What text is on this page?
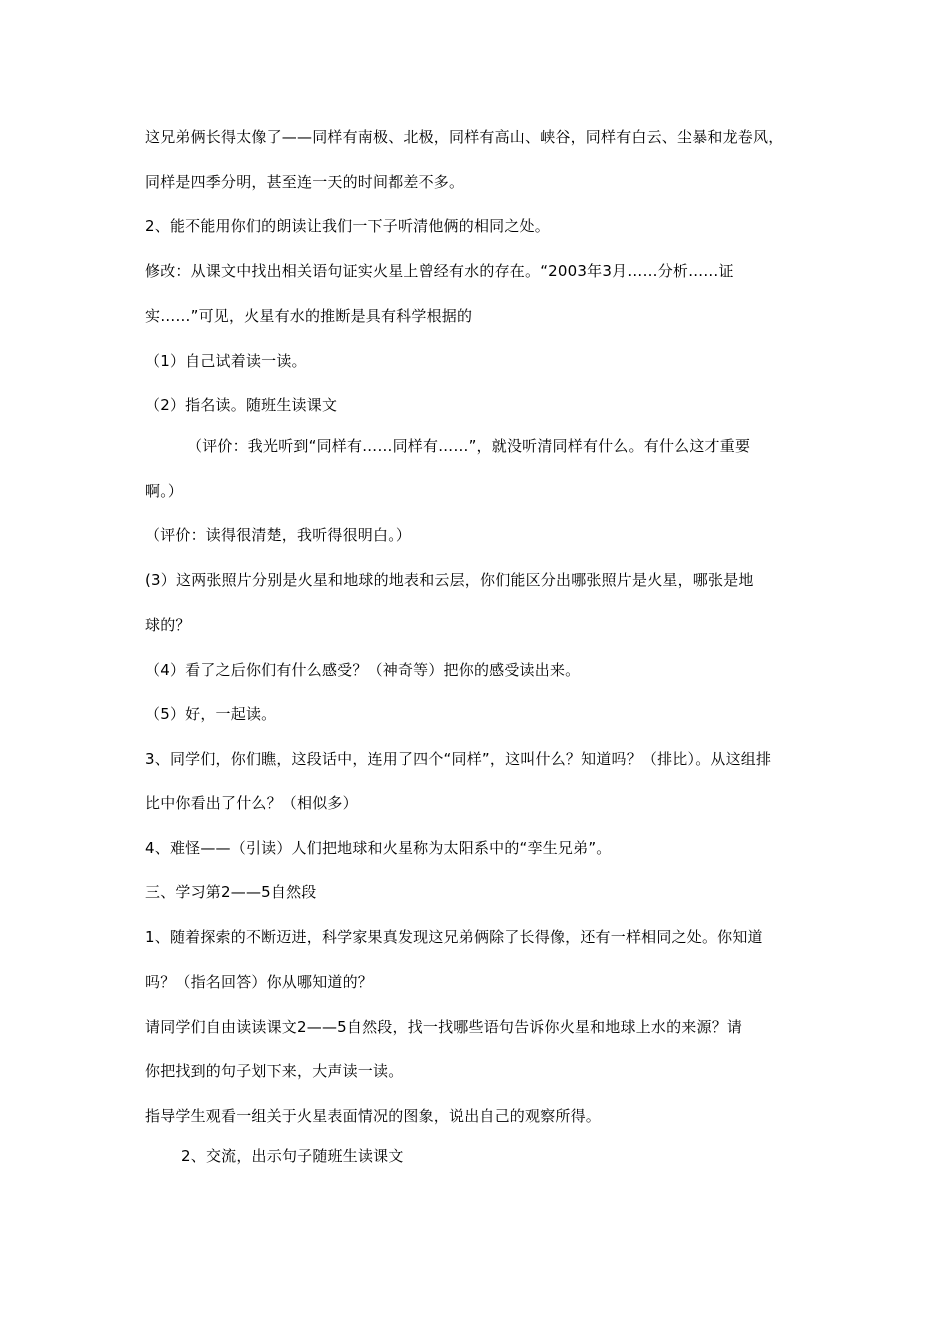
这兄弟俩长得太像了——同样有南极、北极，同样有高山、峡谷，同样有白云、尘暴和龙卷风，
同样是四季分明，甚至连一天的时间都差不多。
2、能不能用你们的朗读让我们一下子听清他俩的相同之处。
修改：从课文中找出相关语句证实火星上曾经有水的存在。“2003年3月……分析……证
实……”可见，火星有水的推断是具有科学根据的
（1）自己试着读一读。
（2）指名读。随班生读课文
（评价：我光听到“同样有……同样有……”，就没听清同样有什么。有什么这才重要
啊。）
（评价：读得很清楚，我听得很明白。）
(3）这两张照片分别是火星和地球的地表和云层，你们能区分出哪张照片是火星，哪张是地
球的？
（4）看了之后你们有什么感受？（神奇等）把你的感受读出来。
（5）好，一起读。
3、同学们，你们瞧，这段话中，连用了四个“同样”，这叫什么？知道吗？（排比）。从这组排
比中你看出了什么？（相似多）
4、难怪——（引读）人们把地球和火星称为太阳系中的“孪生兄弟”。
三、学习第2——5自然段
1、随着探索的不断迈进，科学家果真发现这兄弟俩除了长得像，还有一样相同之处。你知道
吗？（指名回答）你从哪知道的？
请同学们自由读读课文2——5自然段，找一找哪些语句告诉你火星和地球上水的来源？请
你把找到的句子划下来，大声读一读。
指导学生观看一组关于火星表面情况的图象，说出自己的观察所得。
2、交流，出示句子随班生读课文
